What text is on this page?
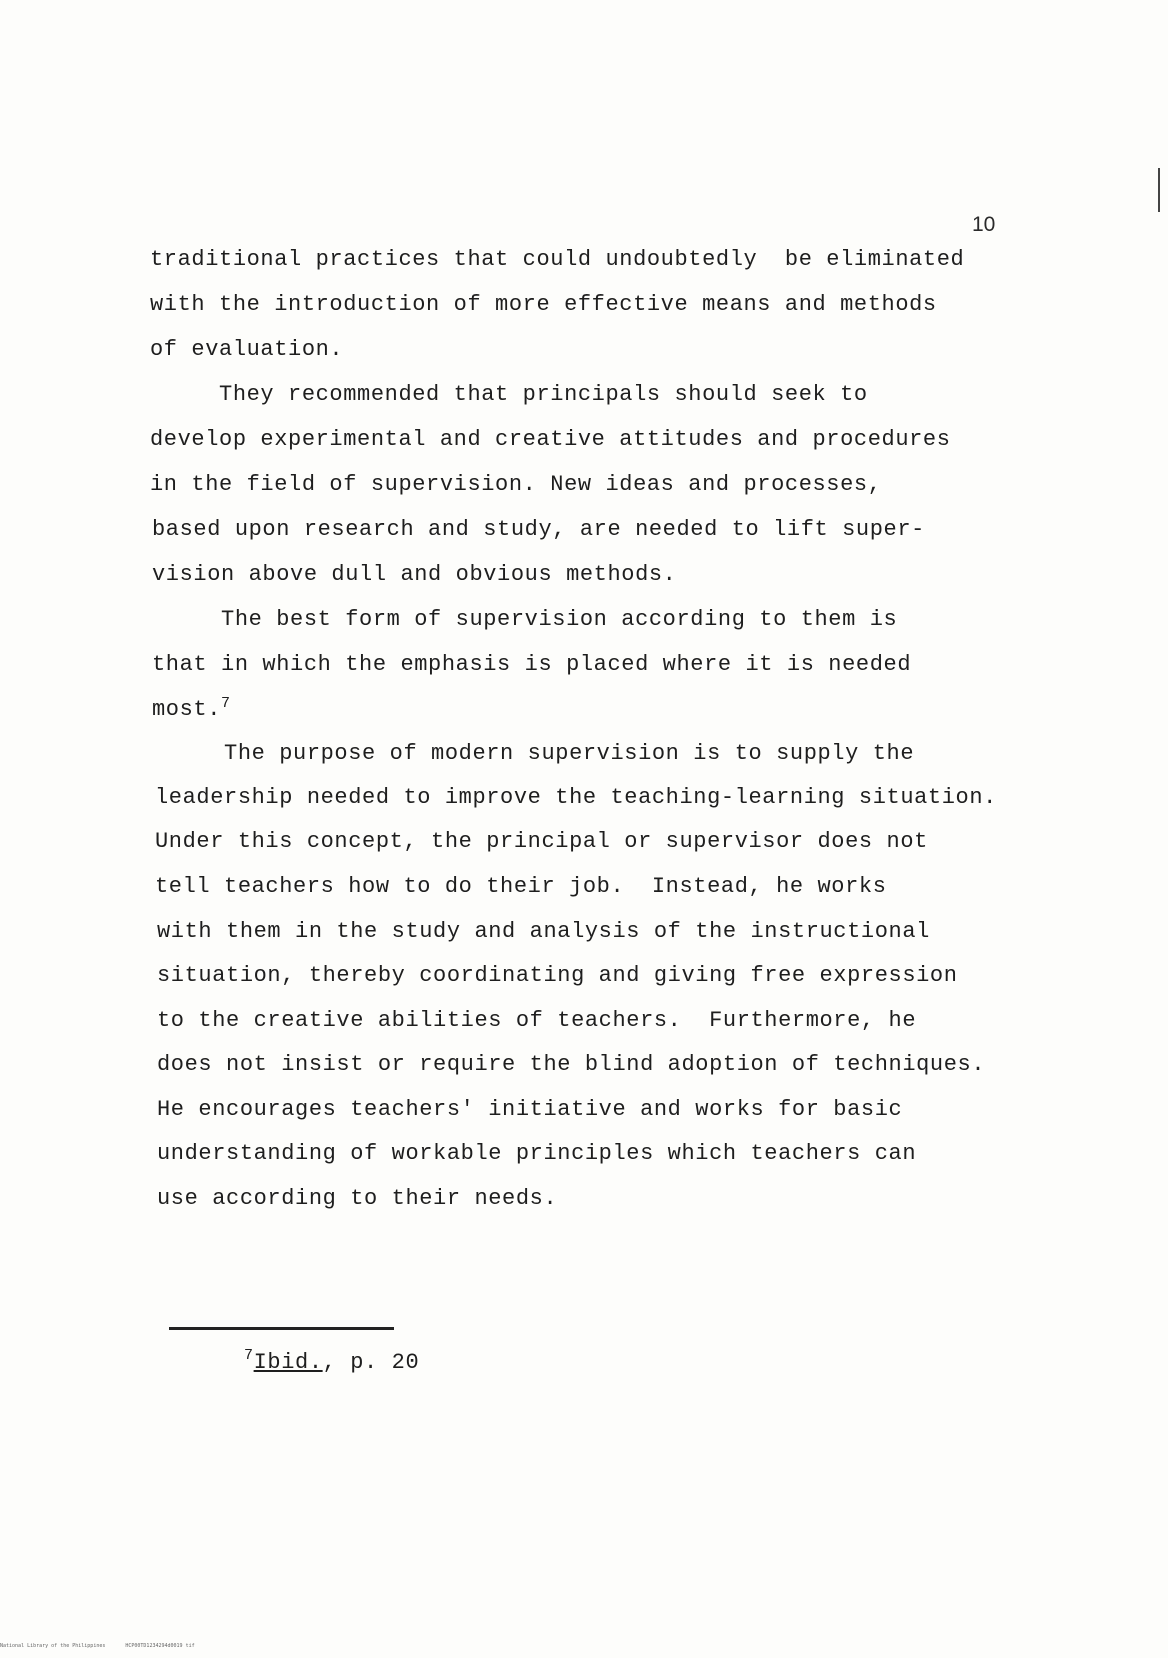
10
traditional practices that could undoubtedly  be eliminated
with the introduction of more effective means and methods
of evaluation.
They recommended that principals should seek to
develop experimental and creative attitudes and procedures
in the field of supervision. New ideas and processes,
based upon research and study, are needed to lift super-
vision above dull and obvious methods.
The best form of supervision according to them is
that in which the emphasis is placed where it is needed
most.$^7$
The purpose of modern supervision is to supply the
leadership needed to improve the teaching-learning situation.
Under this concept, the principal or supervisor does not
tell teachers how to do their job.  Instead, he works
with them in the study and analysis of the instructional
situation, thereby coordinating and giving free expression
to the creative abilities of teachers.  Furthermore, he
does not insist or require the blind adoption of techniques.
He encourages teachers' initiative and works for basic
understanding of workable principles which teachers can
use according to their needs.
$^7$Ibid., p. 20
National Library of the Philippines	HCP00TD1234294d0019 tif
